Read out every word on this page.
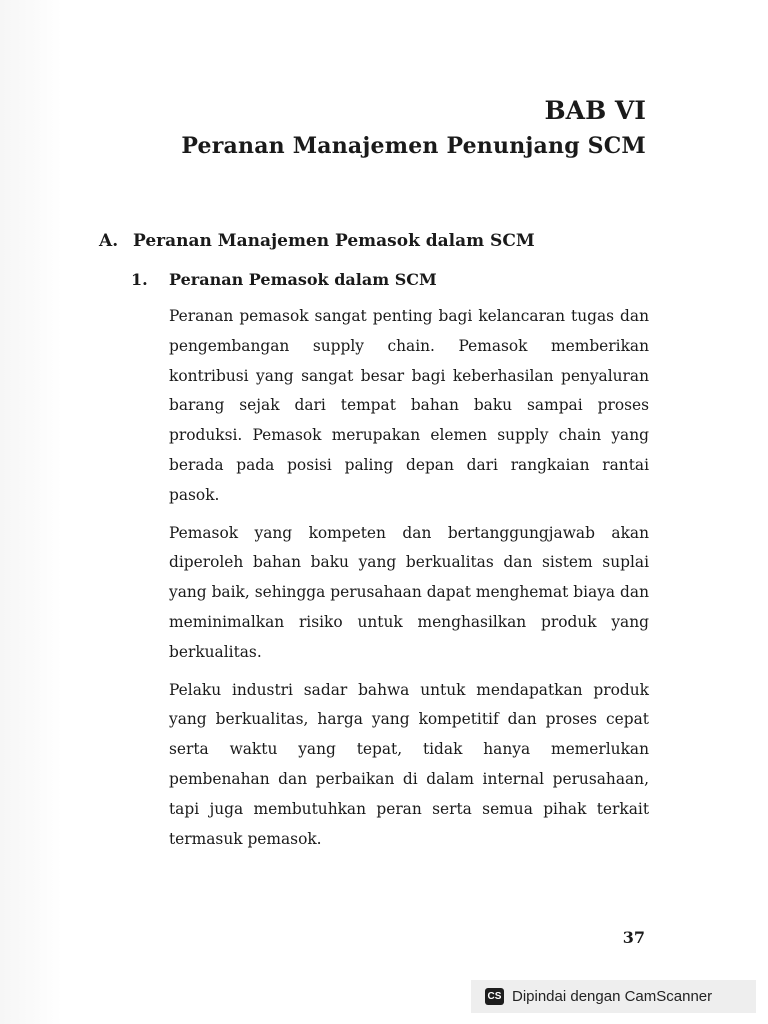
BAB VI
Peranan Manajemen Penunjang SCM
A. Peranan Manajemen Pemasok dalam SCM
1.	Peranan Pemasok dalam SCM

Peranan pemasok sangat penting bagi kelancaran tugas dan pengembangan supply chain. Pemasok memberikan kontribusi yang sangat besar bagi keberhasilan penyaluran barang sejak dari tempat bahan baku sampai proses produksi. Pemasok merupakan elemen supply chain yang berada pada posisi paling depan dari rangkaian rantai pasok.

Pemasok yang kompeten dan bertanggungjawab akan diperoleh bahan baku yang berkualitas dan sistem suplai yang baik, sehingga perusahaan dapat menghemat biaya dan meminimalkan risiko untuk menghasilkan produk yang berkualitas.

Pelaku industri sadar bahwa untuk mendapatkan produk yang berkualitas, harga yang kompetitif dan proses cepat serta waktu yang tepat, tidak hanya memerlukan pembenahan dan perbaikan di dalam internal perusahaan, tapi juga membutuhkan peran serta semua pihak terkait termasuk pemasok.

37
CS Dipindai dengan CamScanner
